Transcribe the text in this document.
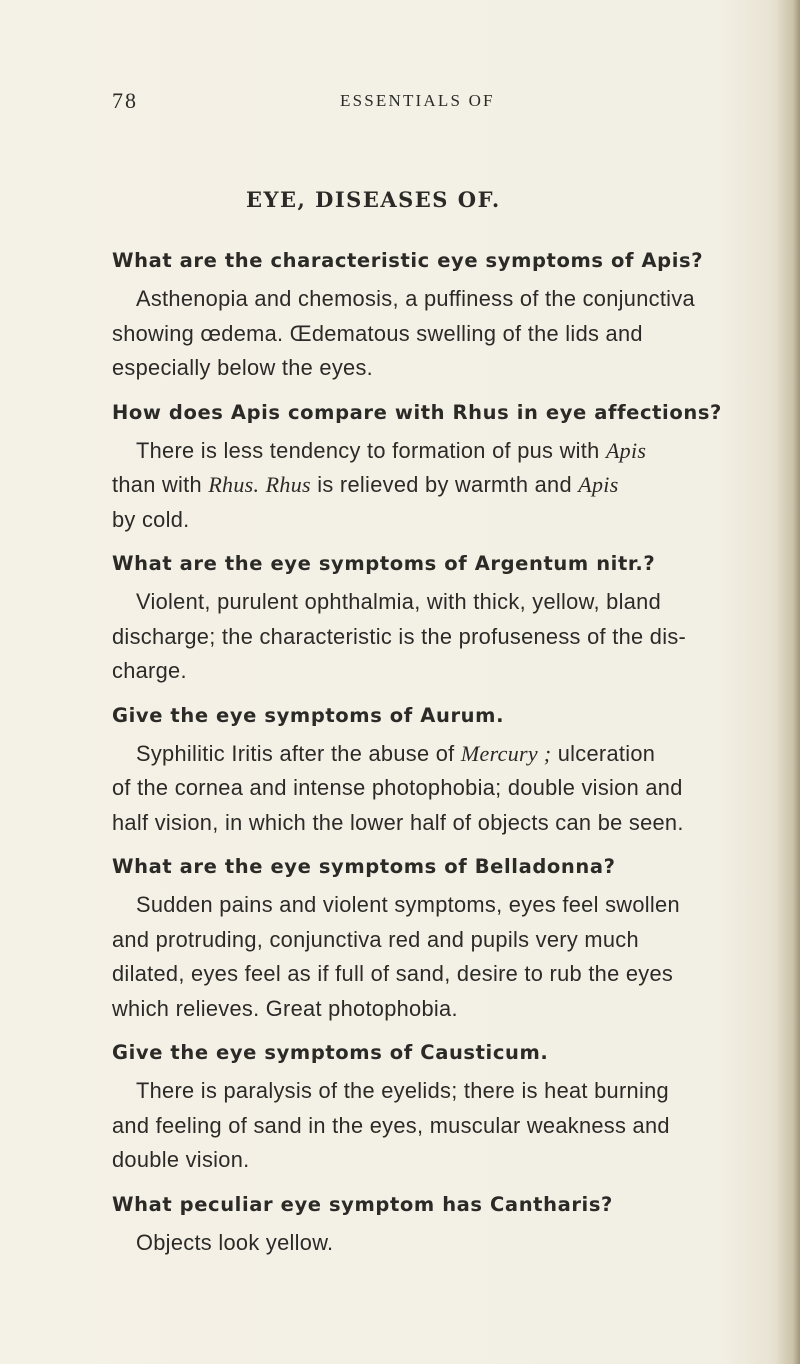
78	ESSENTIALS OF
EYE, DISEASES OF.
What are the characteristic eye symptoms of Apis?
Asthenopia and chemosis, a puffiness of the conjunctiva
showing œdema. Œdematous swelling of the lids and
especially below the eyes.
How does Apis compare with Rhus in eye affections?
There is less tendency to formation of pus with Apis
than with Rhus. Rhus is relieved by warmth and Apis
by cold.
What are the eye symptoms of Argentum nitr.?
Violent, purulent ophthalmia, with thick, yellow, bland
discharge; the characteristic is the profuseness of the dis-
charge.
Give the eye symptoms of Aurum.
Syphilitic Iritis after the abuse of Mercury ; ulceration
of the cornea and intense photophobia; double vision and
half vision, in which the lower half of objects can be seen.
What are the eye symptoms of Belladonna?
Sudden pains and violent symptoms, eyes feel swollen
and protruding, conjunctiva red and pupils very much
dilated, eyes feel as if full of sand, desire to rub the eyes
which relieves. Great photophobia.
Give the eye symptoms of Causticum.
There is paralysis of the eyelids; there is heat burning
and feeling of sand in the eyes, muscular weakness and
double vision.
What peculiar eye symptom has Cantharis?
Objects look yellow.
